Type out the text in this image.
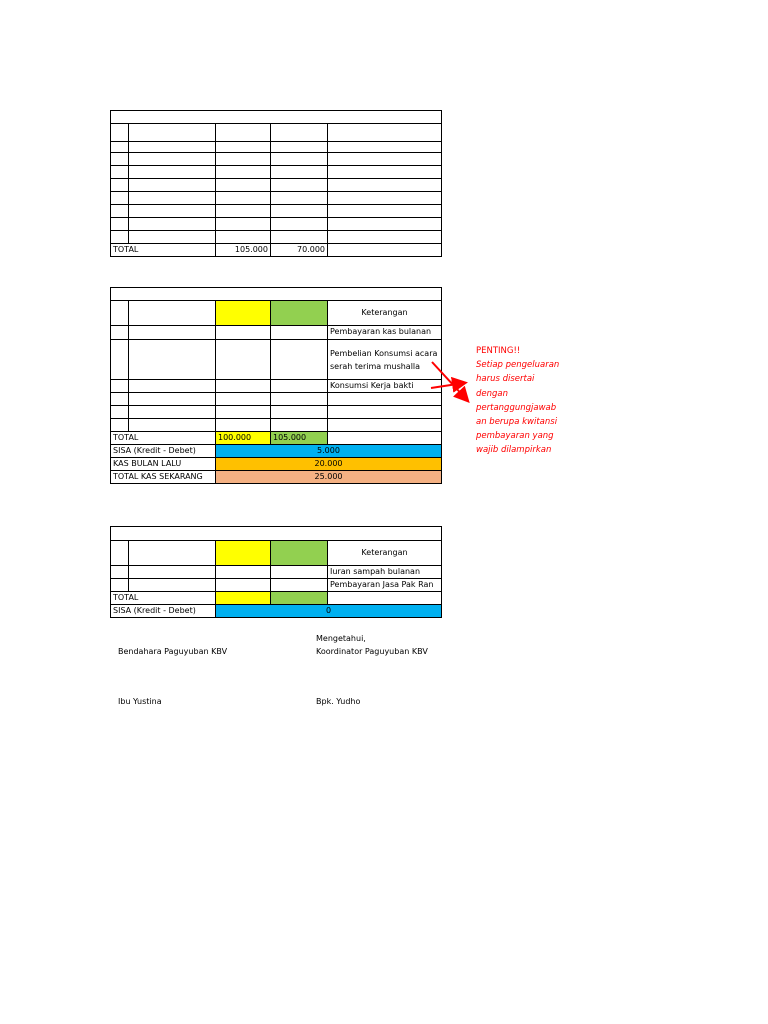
TOTAL		105.000	70.000	

				Keterangan
				Pembayaran kas bulanan
				Pembelian Konsumsi acara serah terima mushalla
				Konsumsi Kerja bakti

TOTAL		100.000	105.000	
SISA (Kredit - Debet)		5.000		
KAS BULAN LALU		20.000		
TOTAL KAS SEKARANG		25.000		

				Keterangan
				Iuran sampah bulanan
				Pembayaran Jasa Pak Ran
TOTAL				
SISA (Kredit - Debet)		0		
PENTING!!
Setiap pengeluaran
harus disertai
dengan
pertanggungjawab
an berupa kwitansi
pembayaran yang
wajib dilampirkan
Bendahara Paguyuban KBV
Mengetahui,
Koordinator Paguyuban KBV
Ibu Yustina	Bpk. Yudho
